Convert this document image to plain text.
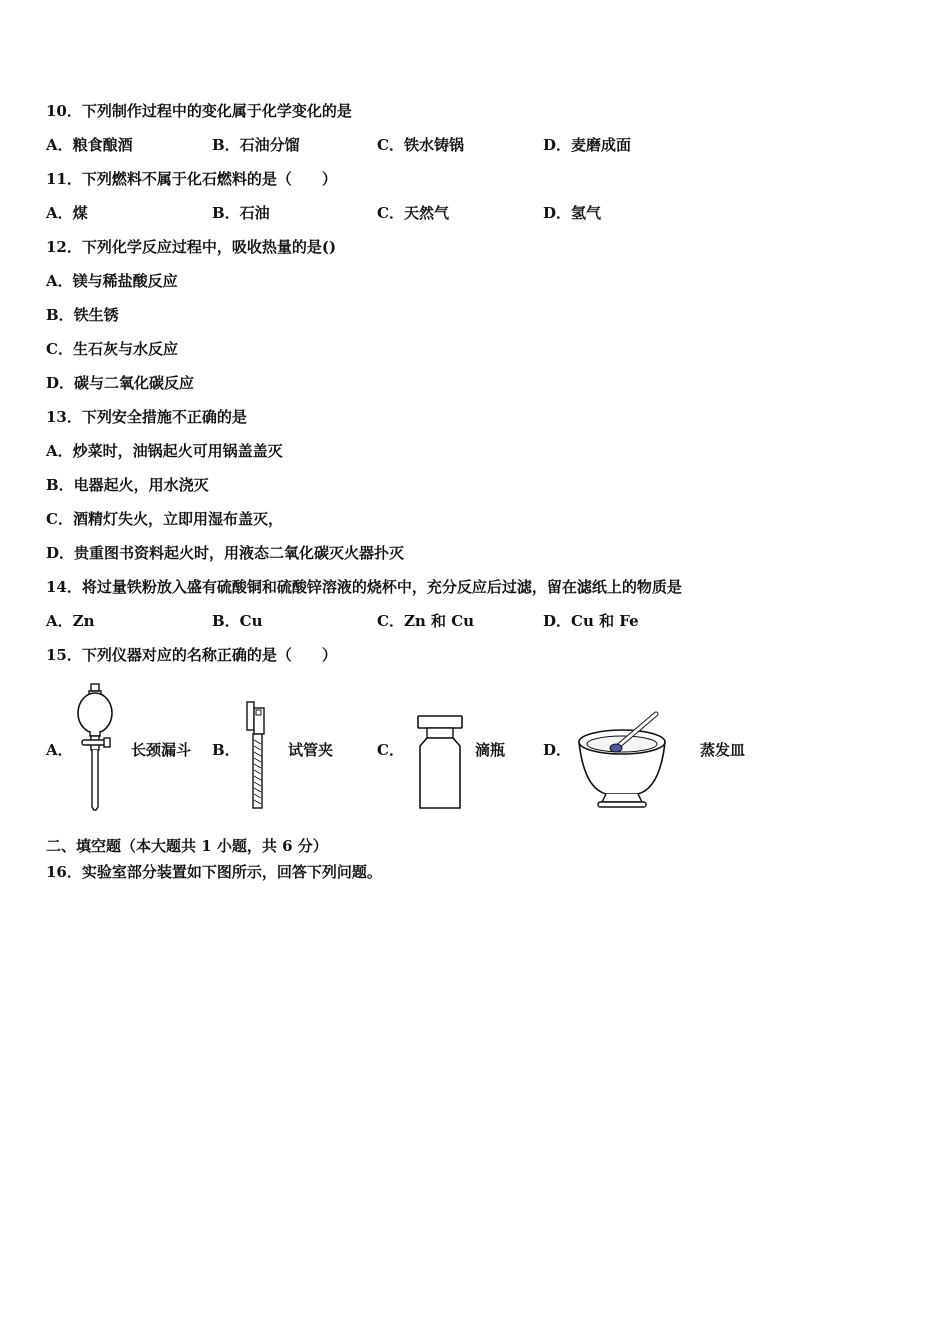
10．下列制作过程中的变化属于化学变化的是
A．粮食酿酒	B．石油分馏	C．铁水铸锅	D．麦磨成面
11．下列燃料不属于化石燃料的是（　　）
A．煤	B．石油	C．天然气	D．氢气
12．下列化学反应过程中，吸收热量的是()
A．镁与稀盐酸反应
B．铁生锈
C．生石灰与水反应
D．碳与二氧化碳反应
13．下列安全措施不正确的是
A．炒菜时，油锅起火可用锅盖盖灭
B．电器起火，用水浇灭
C．酒精灯失火，立即用湿布盖灭，
D．贵重图书资料起火时，用液态二氧化碳灭火器扑灭
14．将过量铁粉放入盛有硫酸铜和硫酸锌溶液的烧杯中，充分反应后过滤，留在滤纸上的物质是
A．Zn	B．Cu	C．Zn 和 Cu	D．Cu 和 Fe
15．下列仪器对应的名称正确的是（　　）
A．	长颈漏斗 B．	试管夹	C．	滴瓶	D．	蒸发皿
二、填空题（本大题共 1 小题，共 6 分）
16．实验室部分装置如下图所示，回答下列问题。
